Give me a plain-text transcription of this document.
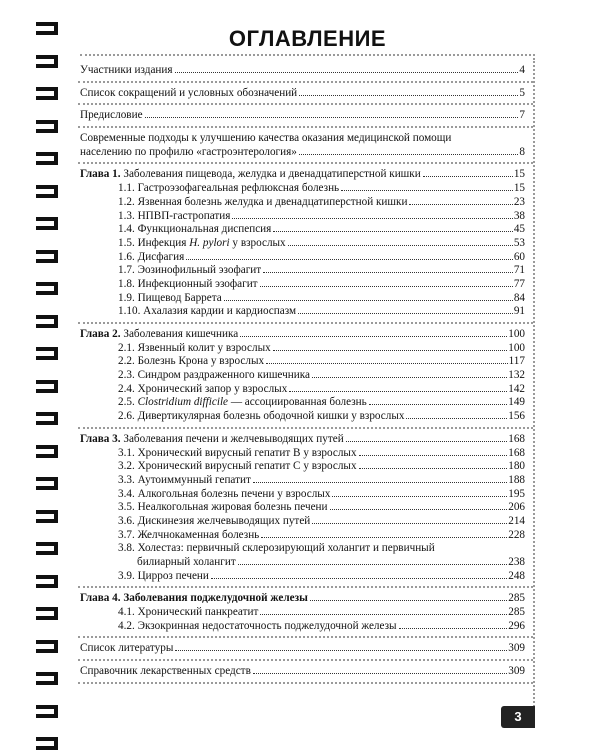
ОГЛАВЛЕНИЕ
Участники издания	4
Список сокращений и условных обозначений	5
Предисловие	7
Современные подходы к улучшению качества оказания медицинской помощи
населению по профилю «гастроэнтерология»	8
Глава 1. Заболевания пищевода, желудка и двенадцатиперстной кишки	15
1.1. Гастроэзофагеальная рефлюксная болезнь	15
1.2. Язвенная болезнь желудка и двенадцатиперстной кишки	23
1.3. НПВП-гастропатия	38
1.4. Функциональная диспепсия	45
1.5. Инфекция H. pylori у взрослых	53
1.6. Дисфагия	60
1.7. Эозинофильный эзофагит	71
1.8. Инфекционный эзофагит	77
1.9. Пищевод Баррета	84
1.10. Ахалазия кардии и кардиоспазм	91
Глава 2. Заболевания кишечника	100
2.1. Язвенный колит у взрослых	100
2.2. Болезнь Крона у взрослых	117
2.3. Синдром раздраженного кишечника	132
2.4. Хронический запор у взрослых	142
2.5. Clostridium difficile — ассоциированная болезнь	149
2.6. Дивертикулярная болезнь ободочной кишки у взрослых	156
Глава 3. Заболевания печени и желчевыводящих путей	168
3.1. Хронический вирусный гепатит B у взрослых	168
3.2. Хронический вирусный гепатит C у взрослых	180
3.3. Аутоиммунный гепатит	188
3.4. Алкогольная болезнь печени у взрослых	195
3.5. Неалкогольная жировая болезнь печени	206
3.6. Дискинезия желчевыводящих путей	214
3.7. Желчнокаменная болезнь	228
3.8. Холестаз: первичный склерозирующий холангит и первичный
билиарный холангит	238
3.9. Цирроз печени	248
Глава 4. Заболевания поджелудочной железы	285
4.1. Хронический панкреатит	285
4.2. Экзокринная недостаточность поджелудочной железы	296
Список литературы	309
Справочник лекарственных средств	309
3
